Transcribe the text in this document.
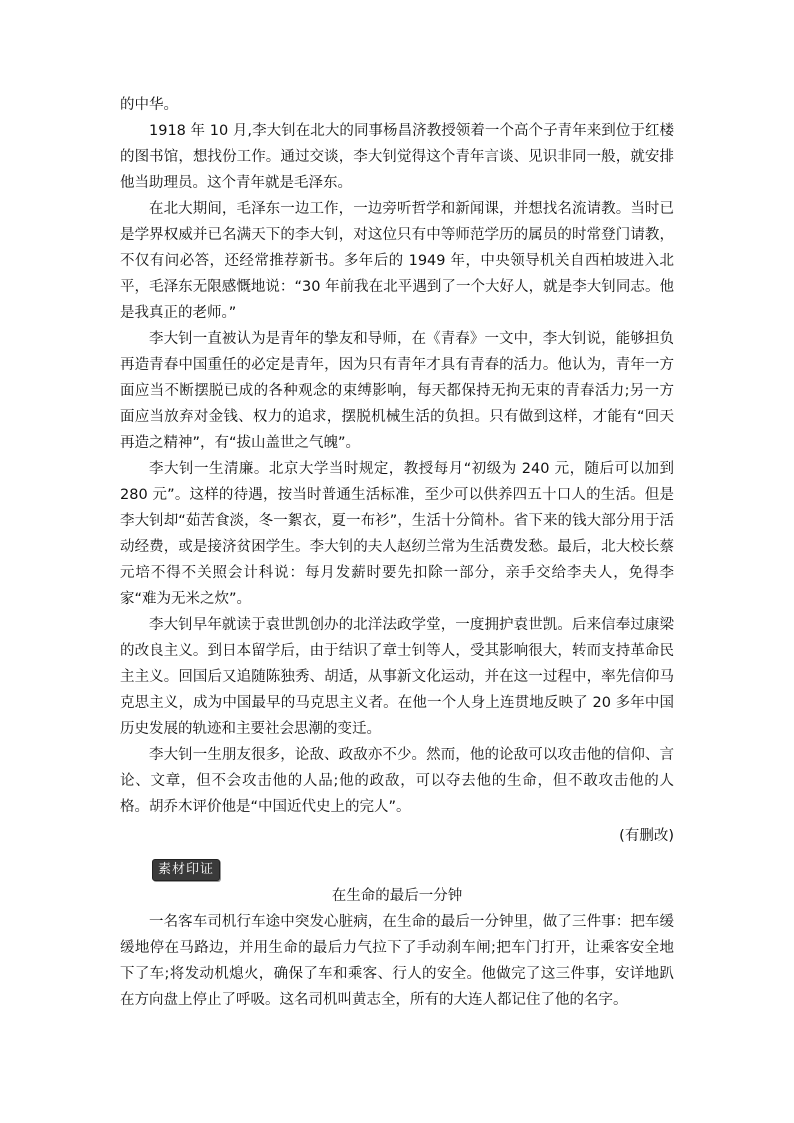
的中华。

1918 年 10 月,李大钊在北大的同事杨昌济教授领着一个高个子青年来到位于红楼的图书馆，想找份工作。通过交谈，李大钊觉得这个青年言谈、见识非同一般，就安排他当助理员。这个青年就是毛泽东。

在北大期间，毛泽东一边工作，一边旁听哲学和新闻课，并想找名流请教。当时已是学界权威并已名满天下的李大钊，对这位只有中等师范学历的属员的时常登门请教，不仅有问必答，还经常推荐新书。多年后的 1949 年，中央领导机关自西柏坡进入北平，毛泽东无限感慨地说：“30 年前我在北平遇到了一个大好人，就是李大钊同志。他是我真正的老师。”

李大钊一直被认为是青年的挚友和导师，在《青春》一文中，李大钊说，能够担负再造青春中国重任的必定是青年，因为只有青年才具有青春的活力。他认为，青年一方面应当不断摆脱已成的各种观念的束缚影响，每天都保持无拘无束的青春活力;另一方面应当放弃对金钱、权力的追求，摆脱机械生活的负担。只有做到这样，才能有“回天再造之精神”，有“拔山盖世之气魄”。

李大钊一生清廉。北京大学当时规定，教授每月“初级为 240 元，随后可以加到 280 元”。这样的待遇，按当时普通生活标准，至少可以供养四五十口人的生活。但是李大钊却“茹苦食淡，冬一絮衣，夏一布衫”，生活十分简朴。省下来的钱大部分用于活动经费，或是接济贫困学生。李大钊的夫人赵纫兰常为生活费发愁。最后，北大校长蔡元培不得不关照会计科说：每月发薪时要先扣除一部分，亲手交给李夫人，免得李家“难为无米之炊”。

李大钊早年就读于袁世凯创办的北洋法政学堂，一度拥护袁世凯。后来信奉过康梁的改良主义。到日本留学后，由于结识了章士钊等人，受其影响很大，转而支持革命民主主义。回国后又追随陈独秀、胡适，从事新文化运动，并在这一过程中，率先信仰马克思主义，成为中国最早的马克思主义者。在他一个人身上连贯地反映了 20 多年中国历史发展的轨迹和主要社会思潮的变迁。

李大钊一生朋友很多，论敌、政敌亦不少。然而，他的论敌可以攻击他的信仰、言论、文章，但不会攻击他的人品;他的政敌，可以夺去他的生命，但不敢攻击他的人格。胡乔木评价他是“中国近代史上的完人”。

(有删改)

素材印证

在生命的最后一分钟

一名客车司机行车途中突发心脏病，在生命的最后一分钟里，做了三件事：把车缓缓地停在马路边，并用生命的最后力气拉下了手动刹车闸;把车门打开，让乘客安全地下了车;将发动机熄火，确保了车和乘客、行人的安全。他做完了这三件事，安详地趴在方向盘上停止了呼吸。这名司机叫黄志全，所有的大连人都记住了他的名字。
